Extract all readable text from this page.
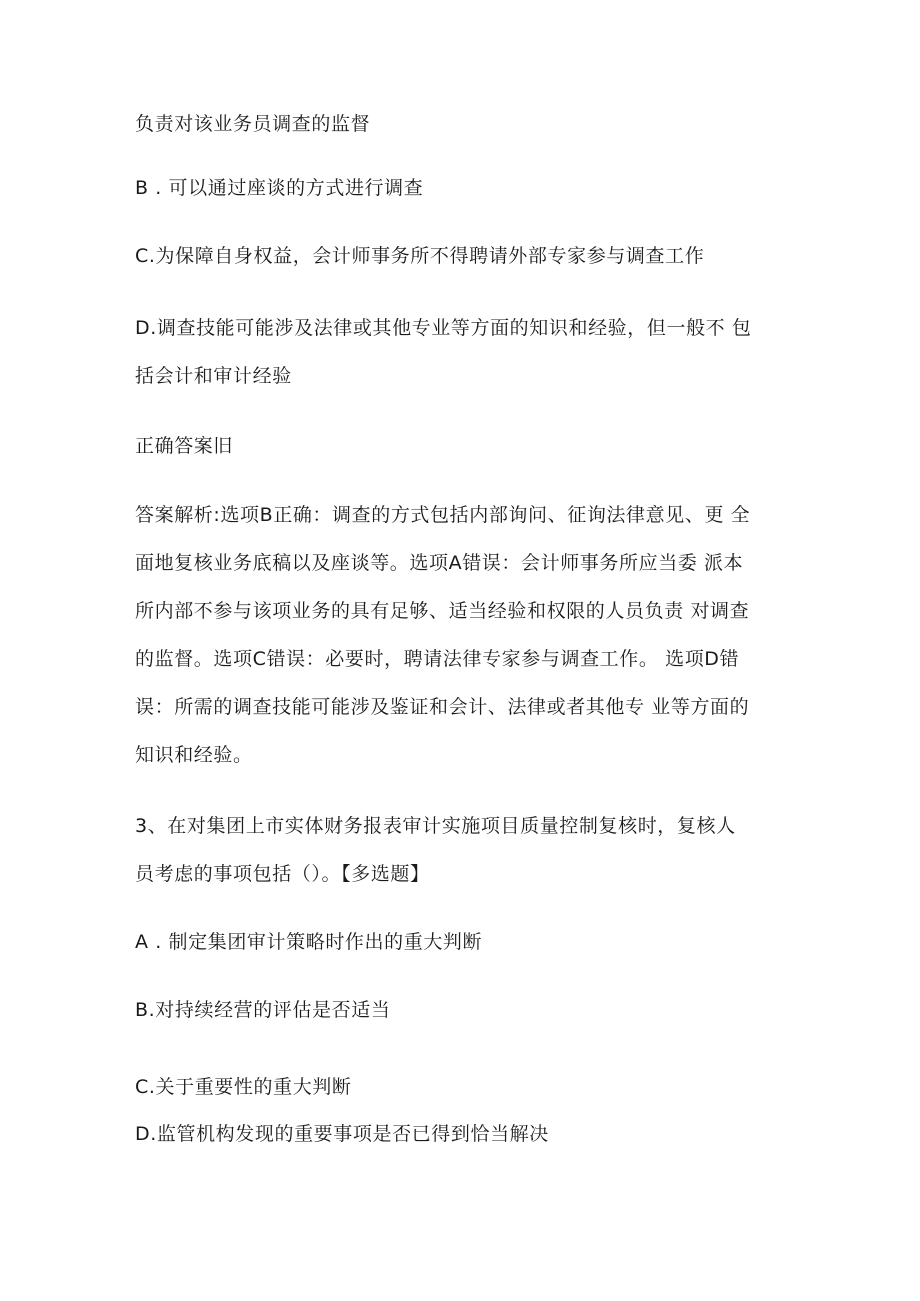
负责对该业务员调查的监督
B . 可以通过座谈的方式进行调查
C.为保障自身权益，会计师事务所不得聘请外部专家参与调查工作
D.调查技能可能涉及法律或其他专业等方面的知识和经验，但一般不 包
括会计和审计经验
正确答案旧
答案解析:选项B正确：调查的方式包括内部询问、征询法律意见、更 全
面地复核业务底稿以及座谈等。选项A错误：会计师事务所应当委 派本
所内部不参与该项业务的具有足够、适当经验和权限的人员负责 对调查
的监督。选项C错误：必要时，聘请法律专家参与调查工作。 选项D错
误：所需的调查技能可能涉及鉴证和会计、法律或者其他专 业等方面的
知识和经验。
3、在对集团上市实体财务报表审计实施项目质量控制复核时，复核人
员考虑的事项包括（）。【多选题】
A . 制定集团审计策略时作出的重大判断
B.对持续经营的评估是否适当
C.关于重要性的重大判断
D.监管机构发现的重要事项是否已得到恰当解决
